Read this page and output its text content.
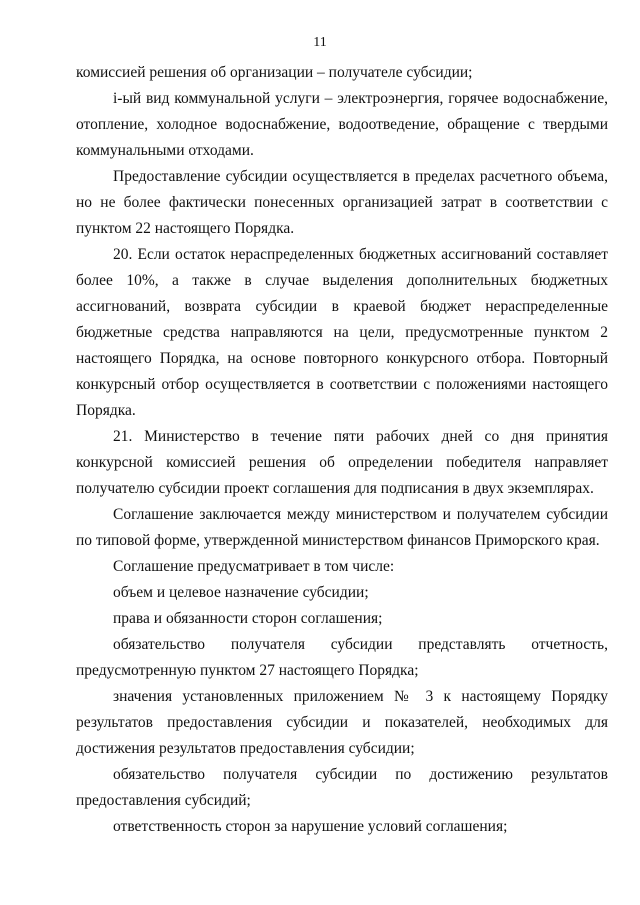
11

комиссией решения об организации – получателе субсидии;

i-ый вид коммунальной услуги – электроэнергия, горячее водоснабжение, отопление, холодное водоснабжение, водоотведение, обращение с твердыми коммунальными отходами.

Предоставление субсидии осуществляется в пределах расчетного объема, но не более фактически понесенных организацией затрат в соответствии с пунктом 22 настоящего Порядка.

20. Если остаток нераспределенных бюджетных ассигнований составляет более 10%, а также в случае выделения дополнительных бюджетных ассигнований, возврата субсидии в краевой бюджет нераспределенные бюджетные средства направляются на цели, предусмотренные пунктом 2 настоящего Порядка, на основе повторного конкурсного отбора. Повторный конкурсный отбор осуществляется в соответствии с положениями настоящего Порядка.

21. Министерство в течение пяти рабочих дней со дня принятия конкурсной комиссией решения об определении победителя направляет получателю субсидии проект соглашения для подписания в двух экземплярах.

Соглашение заключается между министерством и получателем субсидии по типовой форме, утвержденной министерством финансов Приморского края.

Соглашение предусматривает в том числе:

объем и целевое назначение субсидии;

права и обязанности сторон соглашения;

обязательство получателя субсидии представлять отчетность, предусмотренную пунктом 27 настоящего Порядка;

значения установленных приложением № 3 к настоящему Порядку результатов предоставления субсидии и показателей, необходимых для достижения результатов предоставления субсидии;

обязательство получателя субсидии по достижению результатов предоставления субсидий;

ответственность сторон за нарушение условий соглашения;
